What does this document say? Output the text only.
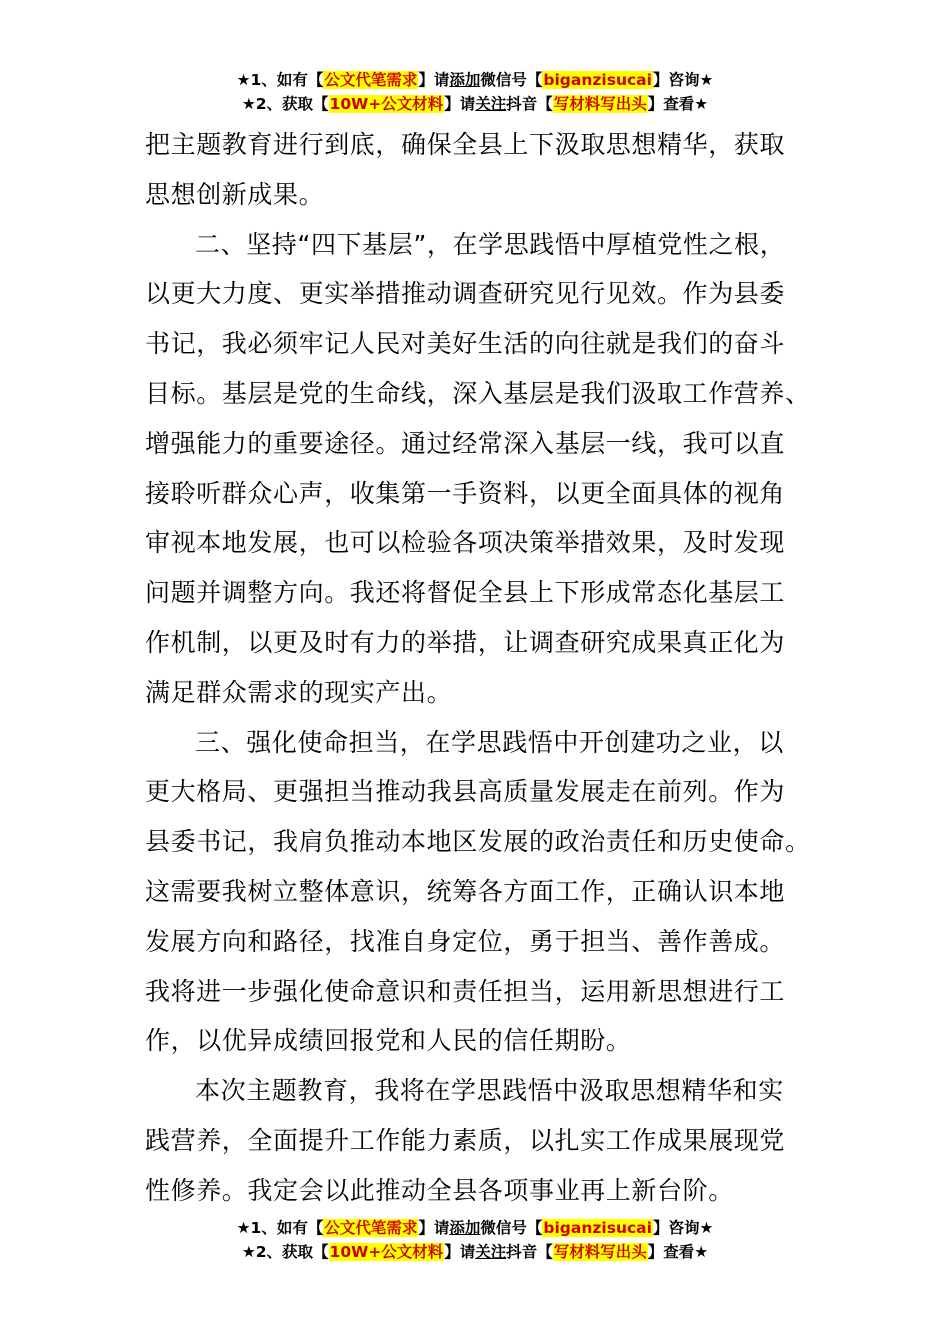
★1、如有【公文代笔需求】请添加微信号【biganzisucai】咨询★
★2、获取【10W+公文材料】请关注抖音【写材料写出头】查看★

把主题教育进行到底，确保全县上下汲取思想精华，获取
思想创新成果。

二、坚持“四下基层”，在学思践悟中厚植党性之根，
以更大力度、更实举措推动调查研究见行见效。作为县委
书记，我必须牢记人民对美好生活的向往就是我们的奋斗
目标。基层是党的生命线，深入基层是我们汲取工作营养、
增强能力的重要途径。通过经常深入基层一线，我可以直
接聆听群众心声，收集第一手资料，以更全面具体的视角
审视本地发展，也可以检验各项决策举措效果，及时发现
问题并调整方向。我还将督促全县上下形成常态化基层工
作机制，以更及时有力的举措，让调查研究成果真正化为
满足群众需求的现实产出。

三、强化使命担当，在学思践悟中开创建功之业，以
更大格局、更强担当推动我县高质量发展走在前列。作为
县委书记，我肩负推动本地区发展的政治责任和历史使命。
这需要我树立整体意识，统筹各方面工作，正确认识本地
发展方向和路径，找准自身定位，勇于担当、善作善成。
我将进一步强化使命意识和责任担当，运用新思想进行工
作，以优异成绩回报党和人民的信任期盼。

本次主题教育，我将在学思践悟中汲取思想精华和实
践营养，全面提升工作能力素质，以扎实工作成果展现党
性修养。我定会以此推动全县各项事业再上新台阶。

★1、如有【公文代笔需求】请添加微信号【biganzisucai】咨询★
★2、获取【10W+公文材料】请关注抖音【写材料写出头】查看★
